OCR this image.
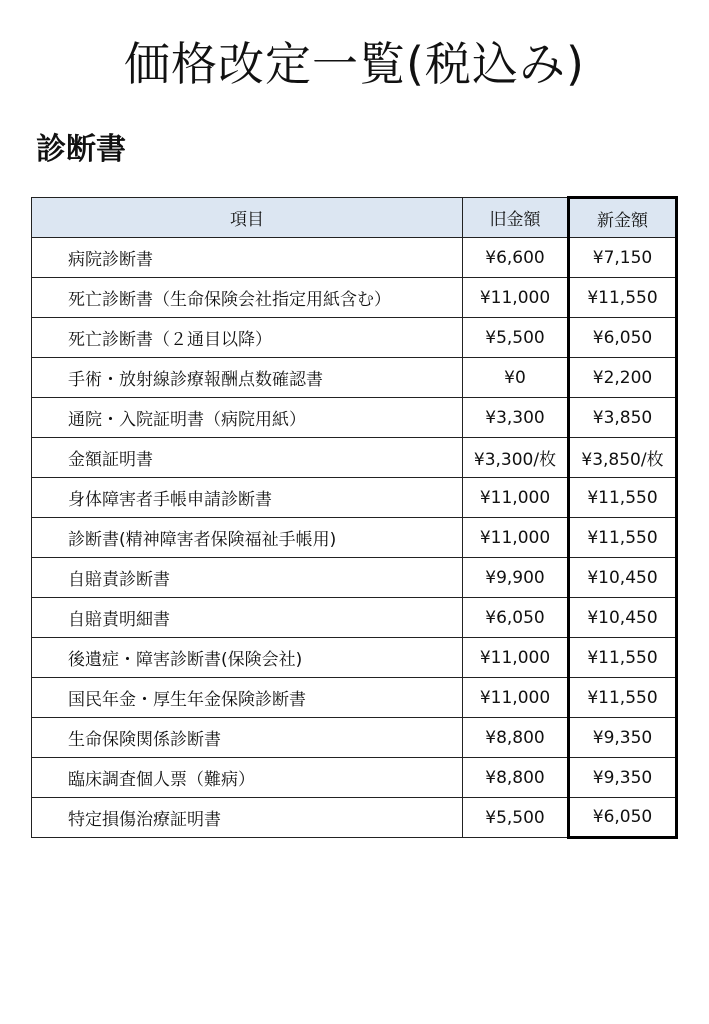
価格改定一覧(税込み)
診断書
項目	旧金額	新金額
病院診断書	¥6,600	¥7,150
死亡診断書（生命保険会社指定用紙含む）	¥11,000	¥11,550
死亡診断書（２通目以降）	¥5,500	¥6,050
手術・放射線診療報酬点数確認書	¥0	¥2,200
通院・入院証明書（病院用紙）	¥3,300	¥3,850
金額証明書	¥3,300/枚	¥3,850/枚
身体障害者手帳申請診断書	¥11,000	¥11,550
診断書(精神障害者保険福祉手帳用)	¥11,000	¥11,550
自賠責診断書	¥9,900	¥10,450
自賠責明細書	¥6,050	¥10,450
後遺症・障害診断書(保険会社)	¥11,000	¥11,550
国民年金・厚生年金保険診断書	¥11,000	¥11,550
生命保険関係診断書	¥8,800	¥9,350
臨床調査個人票（難病）	¥8,800	¥9,350
特定損傷治療証明書	¥5,500	¥6,050
